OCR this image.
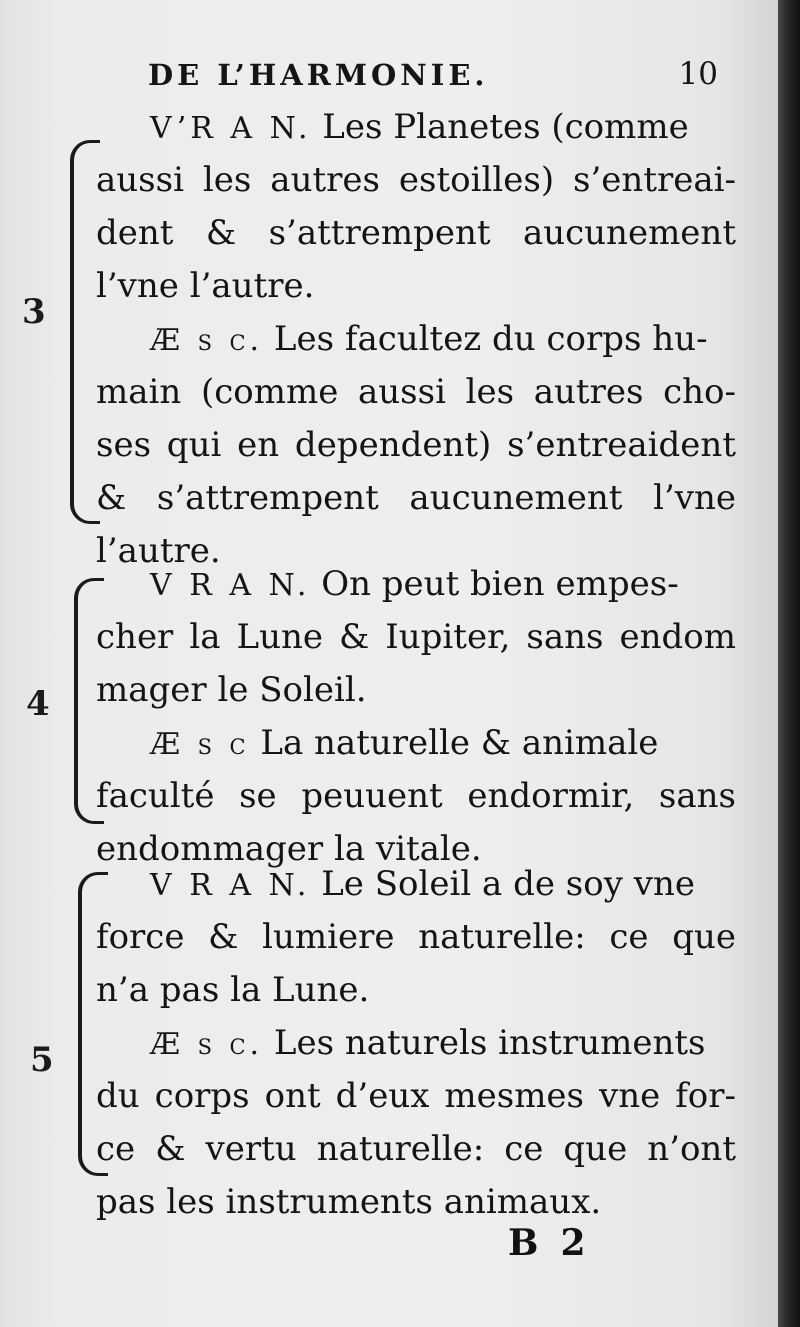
DE L’HARMONIE.	10
3
V’R A N. Les Planetes (comme
aussi les autres estoilles) s’entreai-
dent & s’attrempent aucunement
l’vne l’autre.
Æ s c. Les facultez du corps hu-
main (comme aussi les autres cho-
ses qui en dependent) s’entreaident
& s’attrempent aucunement l’vne
l’autre.
4
V R A N. On peut bien empes-
cher la Lune & Iupiter, sans endom
mager le Soleil.
Æ s c La naturelle & animale
faculté se peuuent endormir, sans
endommager la vitale.
5
V R A N. Le Soleil a de soy vne
force & lumiere naturelle: ce que
n’a pas la Lune.
Æ s c. Les naturels instruments
du corps ont d’eux mesmes vne for-
ce & vertu naturelle: ce que n’ont
pas les instruments animaux.
B2
